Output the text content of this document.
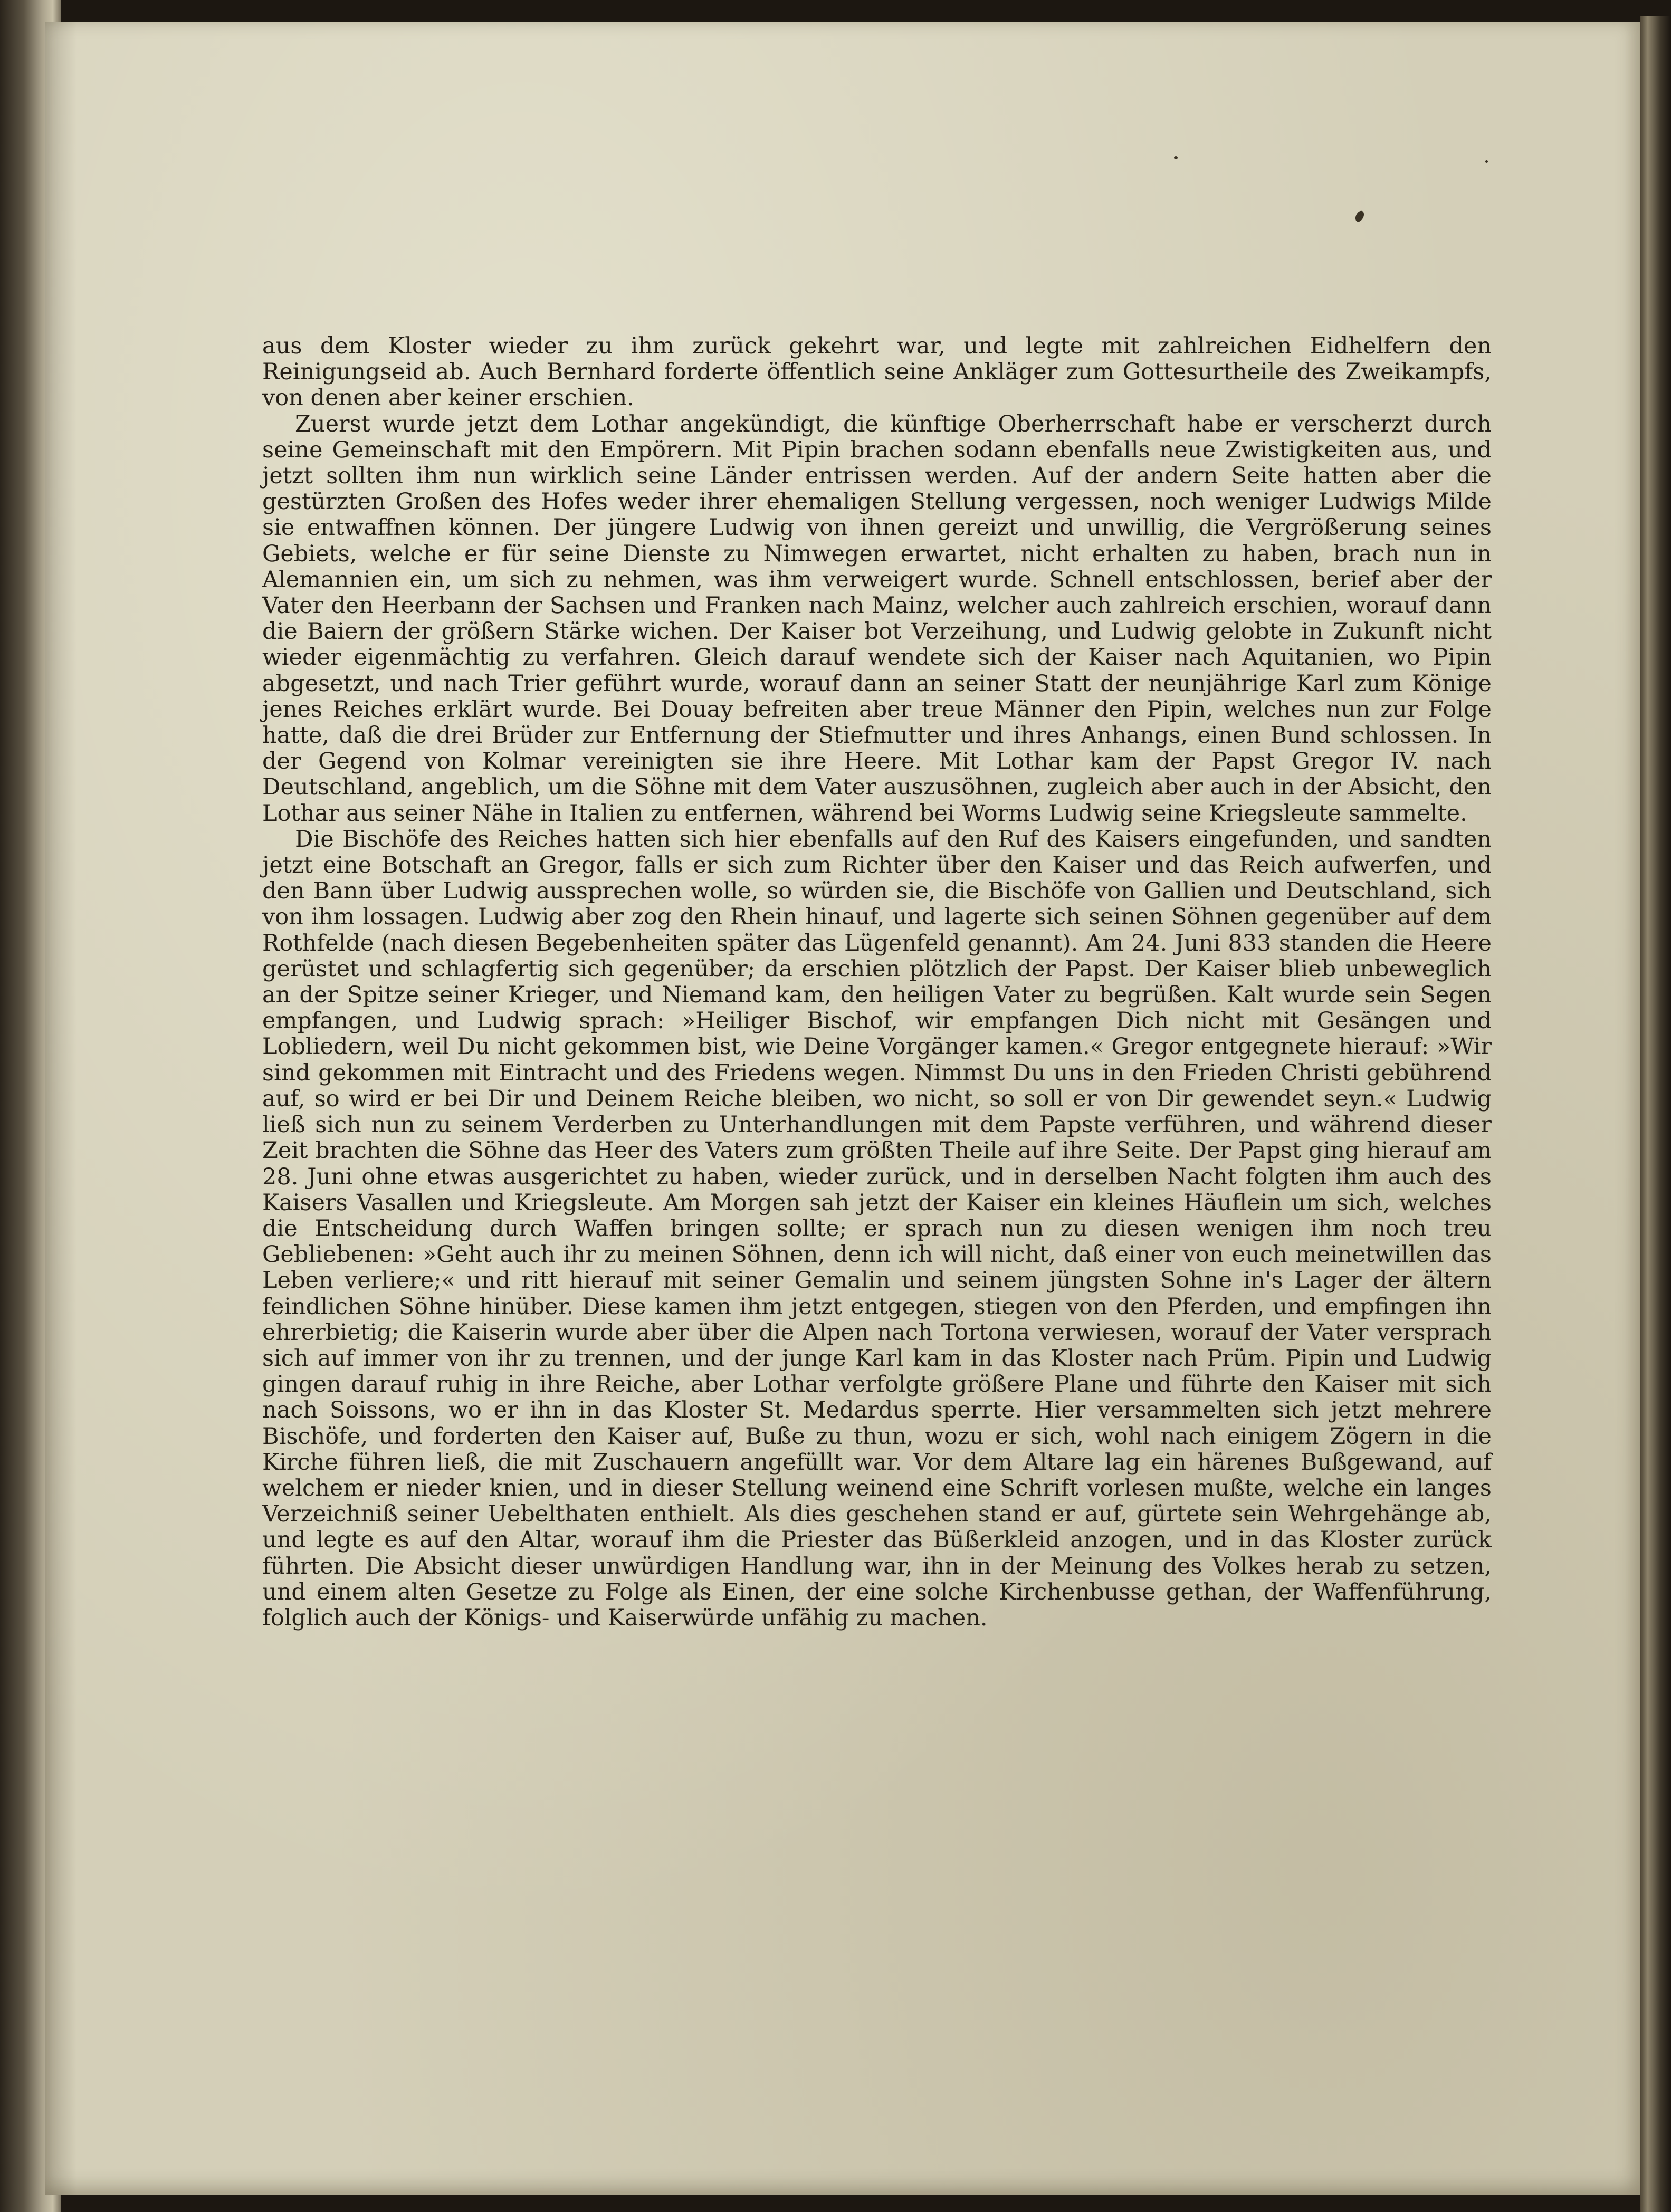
aus dem Kloster wieder zu ihm zurück gekehrt war, und legte mit zahlreichen Eidhelfern den Reinigungseid ab. Auch Bernhard forderte öffentlich seine Ankläger zum Gottesurtheile des Zweikampfs, von denen aber keiner erschien.

Zuerst wurde jetzt dem Lothar angekündigt, die künftige Oberherrschaft habe er verscherzt durch seine Gemeinschaft mit den Empörern. Mit Pipin brachen sodann ebenfalls neue Zwistigkeiten aus, und jetzt sollten ihm nun wirklich seine Länder entrissen werden. Auf der andern Seite hatten aber die gestürzten Großen des Hofes weder ihrer ehemaligen Stellung vergessen, noch weniger Ludwigs Milde sie entwaffnen können. Der jüngere Ludwig von ihnen gereizt und unwillig, die Vergrößerung seines Gebiets, welche er für seine Dienste zu Nimwegen erwartet, nicht erhalten zu haben, brach nun in Alemannien ein, um sich zu nehmen, was ihm verweigert wurde. Schnell entschlossen, berief aber der Vater den Heerbann der Sachsen und Franken nach Mainz, welcher auch zahlreich erschien, worauf dann die Baiern der größern Stärke wichen. Der Kaiser bot Verzeihung, und Ludwig gelobte in Zukunft nicht wieder eigenmächtig zu verfahren. Gleich darauf wendete sich der Kaiser nach Aquitanien, wo Pipin abgesetzt, und nach Trier geführt wurde, worauf dann an seiner Statt der neunjährige Karl zum Könige jenes Reiches erklärt wurde. Bei Douay befreiten aber treue Männer den Pipin, welches nun zur Folge hatte, daß die drei Brüder zur Entfernung der Stiefmutter und ihres Anhangs, einen Bund schlossen. In der Gegend von Kolmar vereinigten sie ihre Heere. Mit Lothar kam der Papst Gregor IV. nach Deutschland, angeblich, um die Söhne mit dem Vater auszusöhnen, zugleich aber auch in der Absicht, den Lothar aus seiner Nähe in Italien zu entfernen, während bei Worms Ludwig seine Kriegsleute sammelte.

Die Bischöfe des Reiches hatten sich hier ebenfalls auf den Ruf des Kaisers eingefunden, und sandten jetzt eine Botschaft an Gregor, falls er sich zum Richter über den Kaiser und das Reich aufwerfen, und den Bann über Ludwig aussprechen wolle, so würden sie, die Bischöfe von Gallien und Deutschland, sich von ihm lossagen. Ludwig aber zog den Rhein hinauf, und lagerte sich seinen Söhnen gegenüber auf dem Rothfelde (nach diesen Begebenheiten später das Lügenfeld genannt). Am 24. Juni 833 standen die Heere gerüstet und schlagfertig sich gegenüber; da erschien plötzlich der Papst. Der Kaiser blieb unbeweglich an der Spitze seiner Krieger, und Niemand kam, den heiligen Vater zu begrüßen. Kalt wurde sein Segen empfangen, und Ludwig sprach: »Heiliger Bischof, wir empfangen Dich nicht mit Gesängen und Lobliedern, weil Du nicht gekommen bist, wie Deine Vorgänger kamen.« Gregor entgegnete hierauf: »Wir sind gekommen mit Eintracht und des Friedens wegen. Nimmst Du uns in den Frieden Christi gebührend auf, so wird er bei Dir und Deinem Reiche bleiben, wo nicht, so soll er von Dir gewendet seyn.« Ludwig ließ sich nun zu seinem Verderben zu Unterhandlungen mit dem Papste verführen, und während dieser Zeit brachten die Söhne das Heer des Vaters zum größten Theile auf ihre Seite. Der Papst ging hierauf am 28. Juni ohne etwas ausgerichtet zu haben, wieder zurück, und in derselben Nacht folgten ihm auch des Kaisers Vasallen und Kriegsleute. Am Morgen sah jetzt der Kaiser ein kleines Häuflein um sich, welches die Entscheidung durch Waffen bringen sollte; er sprach nun zu diesen wenigen ihm noch treu Gebliebenen: »Geht auch ihr zu meinen Söhnen, denn ich will nicht, daß einer von euch meinetwillen das Leben verliere;« und ritt hierauf mit seiner Gemalin und seinem jüngsten Sohne in's Lager der ältern feindlichen Söhne hinüber. Diese kamen ihm jetzt entgegen, stiegen von den Pferden, und empfingen ihn ehrerbietig; die Kaiserin wurde aber über die Alpen nach Tortona verwiesen, worauf der Vater versprach sich auf immer von ihr zu trennen, und der junge Karl kam in das Kloster nach Prüm. Pipin und Ludwig gingen darauf ruhig in ihre Reiche, aber Lothar verfolgte größere Plane und führte den Kaiser mit sich nach Soissons, wo er ihn in das Kloster St. Medardus sperrte. Hier versammelten sich jetzt mehrere Bischöfe, und forderten den Kaiser auf, Buße zu thun, wozu er sich, wohl nach einigem Zögern in die Kirche führen ließ, die mit Zuschauern angefüllt war. Vor dem Altare lag ein härenes Bußgewand, auf welchem er nieder knien, und in dieser Stellung weinend eine Schrift vorlesen mußte, welche ein langes Verzeichniß seiner Uebelthaten enthielt. Als dies geschehen stand er auf, gürtete sein Wehrgehänge ab, und legte es auf den Altar, worauf ihm die Priester das Büßerkleid anzogen, und in das Kloster zurück führten. Die Absicht dieser unwürdigen Handlung war, ihn in der Meinung des Volkes herab zu setzen, und einem alten Gesetze zu Folge als Einen, der eine solche Kirchenbusse gethan, der Waffenführung, folglich auch der Königs- und Kaiserwürde unfähig zu machen.
